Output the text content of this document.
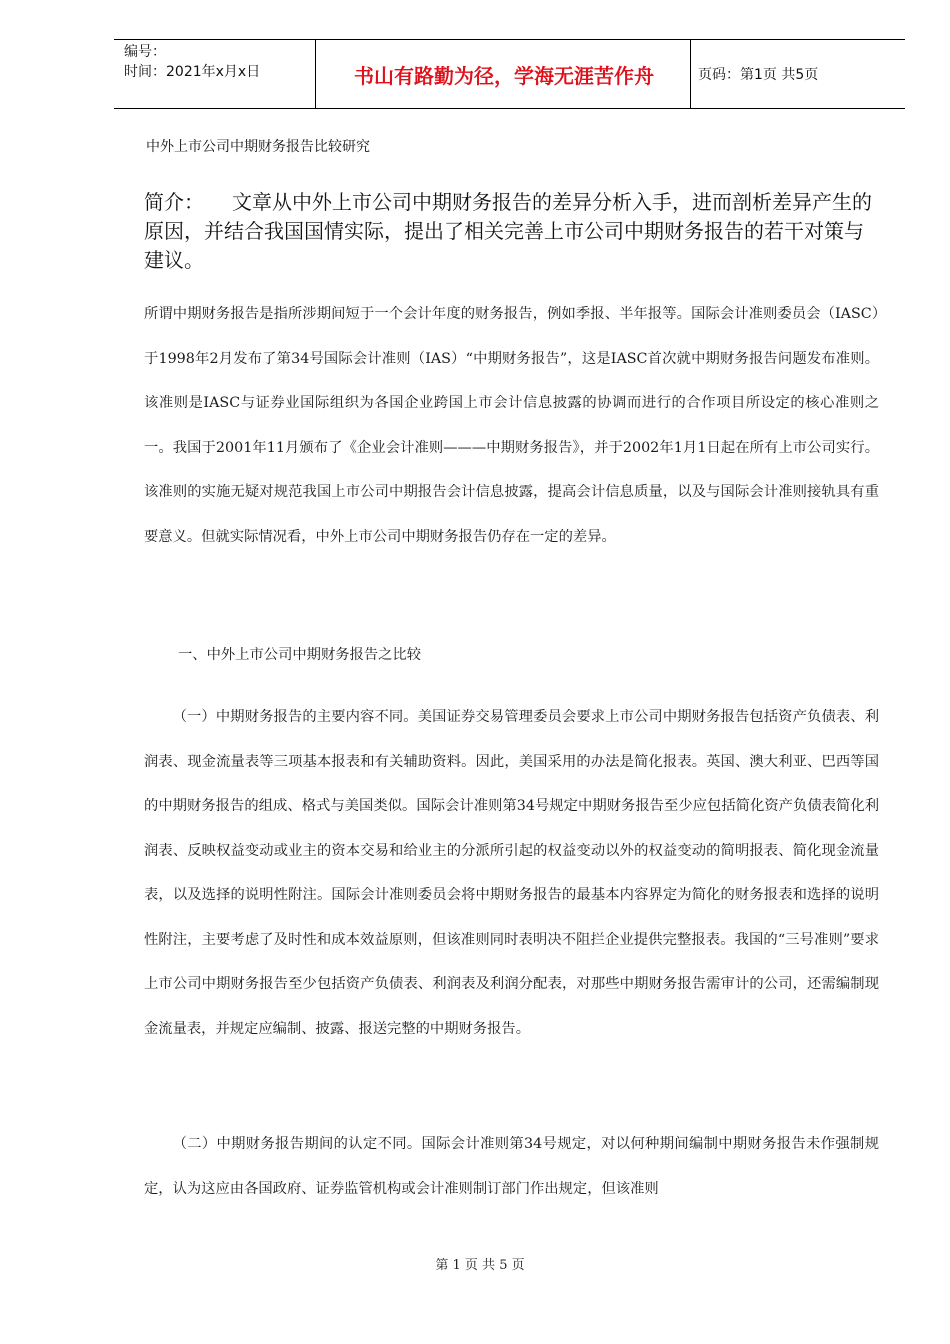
编号：
时间：2021年x月x日	书山有路勤为径，学海无涯苦作舟	页码：第1页 共5页
中外上市公司中期财务报告比较研究
简介： 文章从中外上市公司中期财务报告的差异分析入手，进而剖析差异产生的原因，并结合我国国情实际，提出了相关完善上市公司中期财务报告的若干对策与建议。
所谓中期财务报告是指所涉期间短于一个会计年度的财务报告，例如季报、半年报等。国际会计准则委员会（IASC）于1998年2月发布了第34号国际会计准则（IAS）“中期财务报告”，这是IASC首次就中期财务报告问题发布准则。该准则是IASC与证券业国际组织为各国企业跨国上市会计信息披露的协调而进行的合作项目所设定的核心准则之一。我国于2001年11月颁布了《企业会计准则———中期财务报告》，并于2002年1月1日起在所有上市公司实行。该准则的实施无疑对规范我国上市公司中期报告会计信息披露，提高会计信息质量，以及与国际会计准则接轨具有重要意义。但就实际情况看，中外上市公司中期财务报告仍存在一定的差异。
一、中外上市公司中期财务报告之比较
（一）中期财务报告的主要内容不同。美国证券交易管理委员会要求上市公司中期财务报告包括资产负债表、利润表、现金流量表等三项基本报表和有关辅助资料。因此，美国采用的办法是简化报表。英国、澳大利亚、巴西等国的中期财务报告的组成、格式与美国类似。国际会计准则第34号规定中期财务报告至少应包括简化资产负债表简化利润表、反映权益变动或业主的资本交易和给业主的分派所引起的权益变动以外的权益变动的简明报表、简化现金流量表，以及选择的说明性附注。国际会计准则委员会将中期财务报告的最基本内容界定为简化的财务报表和选择的说明性附注，主要考虑了及时性和成本效益原则，但该准则同时表明决不阻拦企业提供完整报表。我国的“三号准则”要求上市公司中期财务报告至少包括资产负债表、利润表及利润分配表，对那些中期财务报告需审计的公司，还需编制现金流量表，并规定应编制、披露、报送完整的中期财务报告。
（二）中期财务报告期间的认定不同。国际会计准则第34号规定，对以何种期间编制中期财务报告未作强制规定，认为这应由各国政府、证券监管机构或会计准则制订部门作出规定，但该准则
第 1 页 共 5 页
